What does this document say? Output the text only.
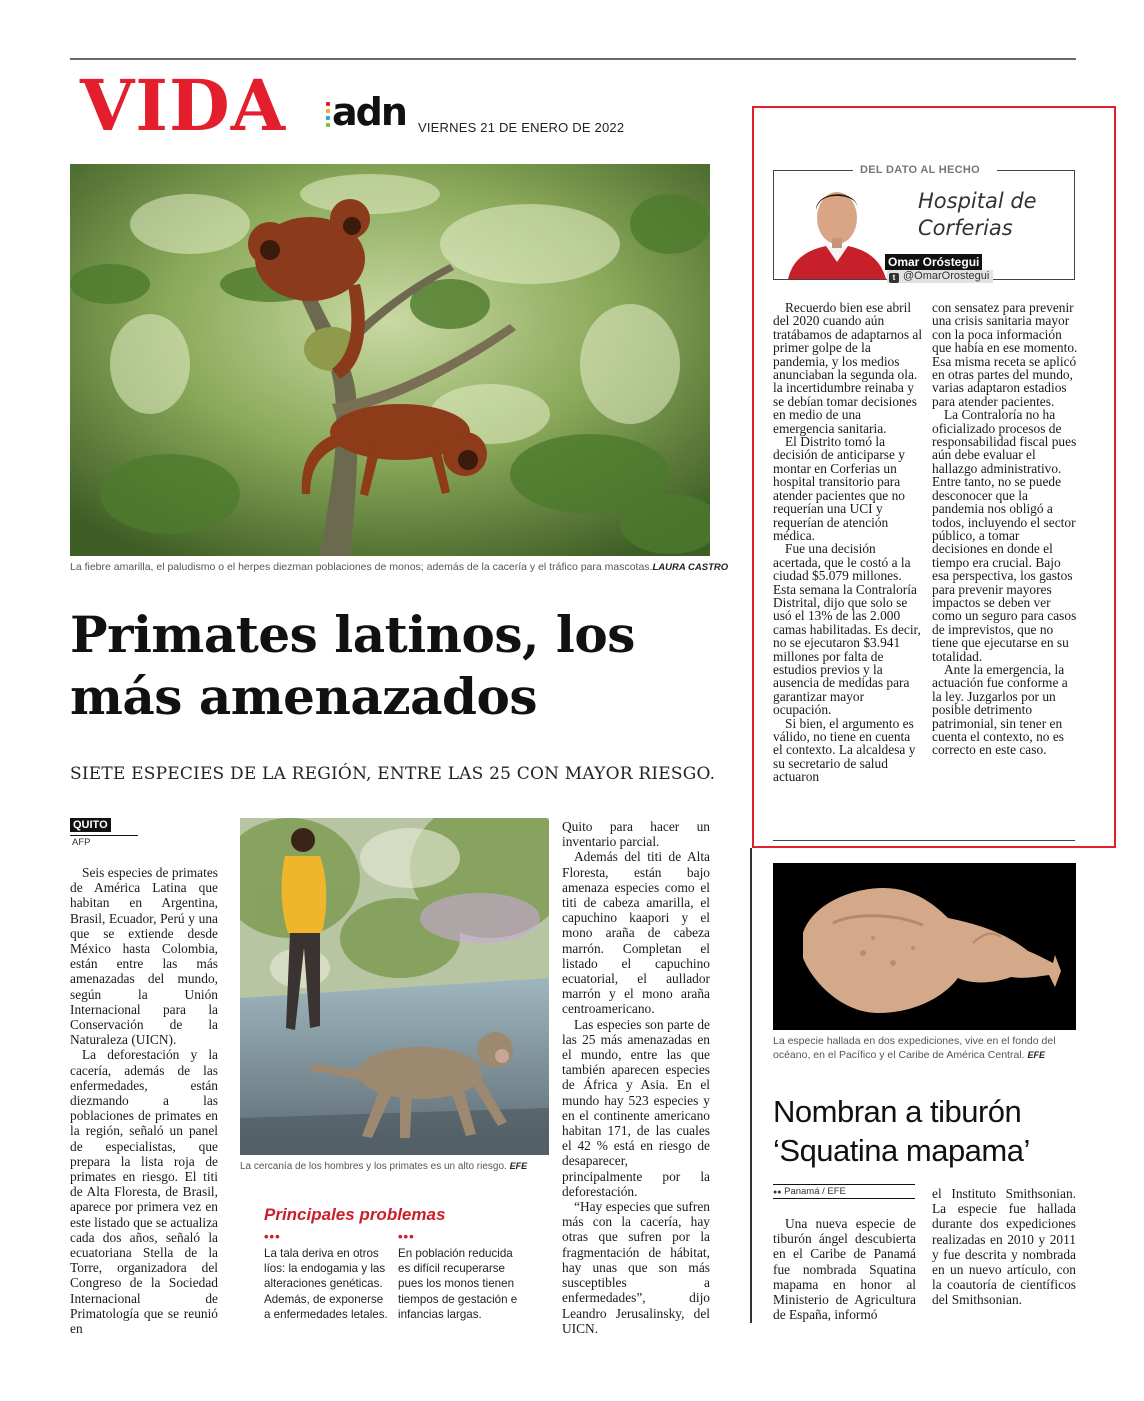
VIDA adn VIERNES 21 DE ENERO DE 2022
La fiebre amarilla, el paludismo o el herpes diezman poblaciones de monos; además de la cacería y el tráfico para mascotas.LAURA CASTRO
Primates latinos, los más amenazados
SIETE ESPECIES DE LA REGIÓN, ENTRE LAS 25 CON MAYOR RIESGO.
QUITO
AFP

Seis especies de primates de América Latina que habitan en Argentina, Brasil, Ecuador, Perú y una que se extiende desde México hasta Colombia, están entre las más amenazadas del mundo, según la Unión Internacional para la Conservación de la Naturaleza (UICN).

La deforestación y la cacería, además de las enfermedades, están diezmando a las poblaciones de primates en la región, señaló un panel de especialistas, que prepara la lista roja de primates en riesgo. El titi de Alta Floresta, de Brasil, aparece por primera vez en este listado que se actualiza cada dos años, señaló la ecuatoriana Stella de la Torre, organizadora del Congreso de la Sociedad Internacional de Primatología que se reunió en

La cercanía de los hombres y los primates es un alto riesgo. EFE
Principales problemas
•••
La tala deriva en otros líos: la endogamia y las alteraciones genéticas. Además, de exponerse a enfermedades letales.
•••
En población reducida es difícil recuperarse pues los monos tienen tiempos de gestación e infancias largas.

Quito para hacer un inventario parcial.

Además del titi de Alta Floresta, están bajo amenaza especies como el titi de cabeza amarilla, el capuchino kaapori y el mono araña de cabeza marrón. Completan el listado el capuchino ecuatorial, el aullador marrón y el mono araña centroamericano.

Las especies son parte de las 25 más amenazadas en el mundo, entre las que también aparecen especies de África y Asia. En el mundo hay 523 especies y en el continente americano habitan 171, de las cuales el 42 % está en riesgo de desaparecer, principalmente por la deforestación.

“Hay especies que sufren más con la cacería, hay otras que sufren por la fragmentación de hábitat, hay unas que son más susceptibles a enfermedades”, dijo Leandro Jerusalinsky, del UICN.

DEL DATO AL HECHO
Hospital de
Corferias
Omar Oróstegui
t @OmarOrostegui

Recuerdo bien ese abril del 2020 cuando aún tratábamos de adaptarnos al primer golpe de la pandemia, y los medios anunciaban la segunda ola. la incertidumbre reinaba y se debían tomar decisiones en medio de una emergencia sanitaria.

El Distrito tomó la decisión de anticiparse y montar en Corferias un hospital transitorio para atender pacientes que no requerían una UCI y requerían de atención médica.

Fue una decisión acertada, que le costó a la ciudad $5.079 millones. Esta semana la Contraloría Distrital, dijo que solo se usó el 13% de las 2.000 camas habilitadas. Es decir, no se ejecutaron $3.941 millones por falta de estudios previos y la ausencia de medidas para garantizar mayor ocupación.

Si bien, el argumento es válido, no tiene en cuenta el contexto. La alcaldesa y su secretario de salud actuaron

con sensatez para prevenir una crisis sanitaria mayor con la poca información que había en ese momento. Esa misma receta se aplicó en otras partes del mundo, varias adaptaron estadios para atender pacientes.

La Contraloría no ha oficializado procesos de responsabilidad fiscal pues aún debe evaluar el hallazgo administrativo. Entre tanto, no se puede desconocer que la pandemia nos obligó a todos, incluyendo el sector público, a tomar decisiones en donde el tiempo era crucial. Bajo esa perspectiva, los gastos para prevenir mayores impactos se deben ver como un seguro para casos de imprevistos, que no tiene que ejecutarse en su totalidad.

Ante la emergencia, la actuación fue conforme a la ley. Juzgarlos por un posible detrimento patrimonial, sin tener en cuenta el contexto, no es correcto en este caso.

La especie hallada en dos expediciones, vive en el fondo del océano, en el Pacífico y el Caribe de América Central. EFE
Nombran a tiburón
‘Squatina mapama’
●● Panamá / EFE

Una nueva especie de tiburón ángel descubierta en el Caribe de Panamá fue nombrada Squatina mapama en honor al Ministerio de Agricultura de España, informó

el Instituto Smithsonian. La especie fue hallada durante dos expediciones realizadas en 2010 y 2011 y fue descrita y nombrada en un nuevo artículo, con la coautoría de científicos del Smithsonian.
